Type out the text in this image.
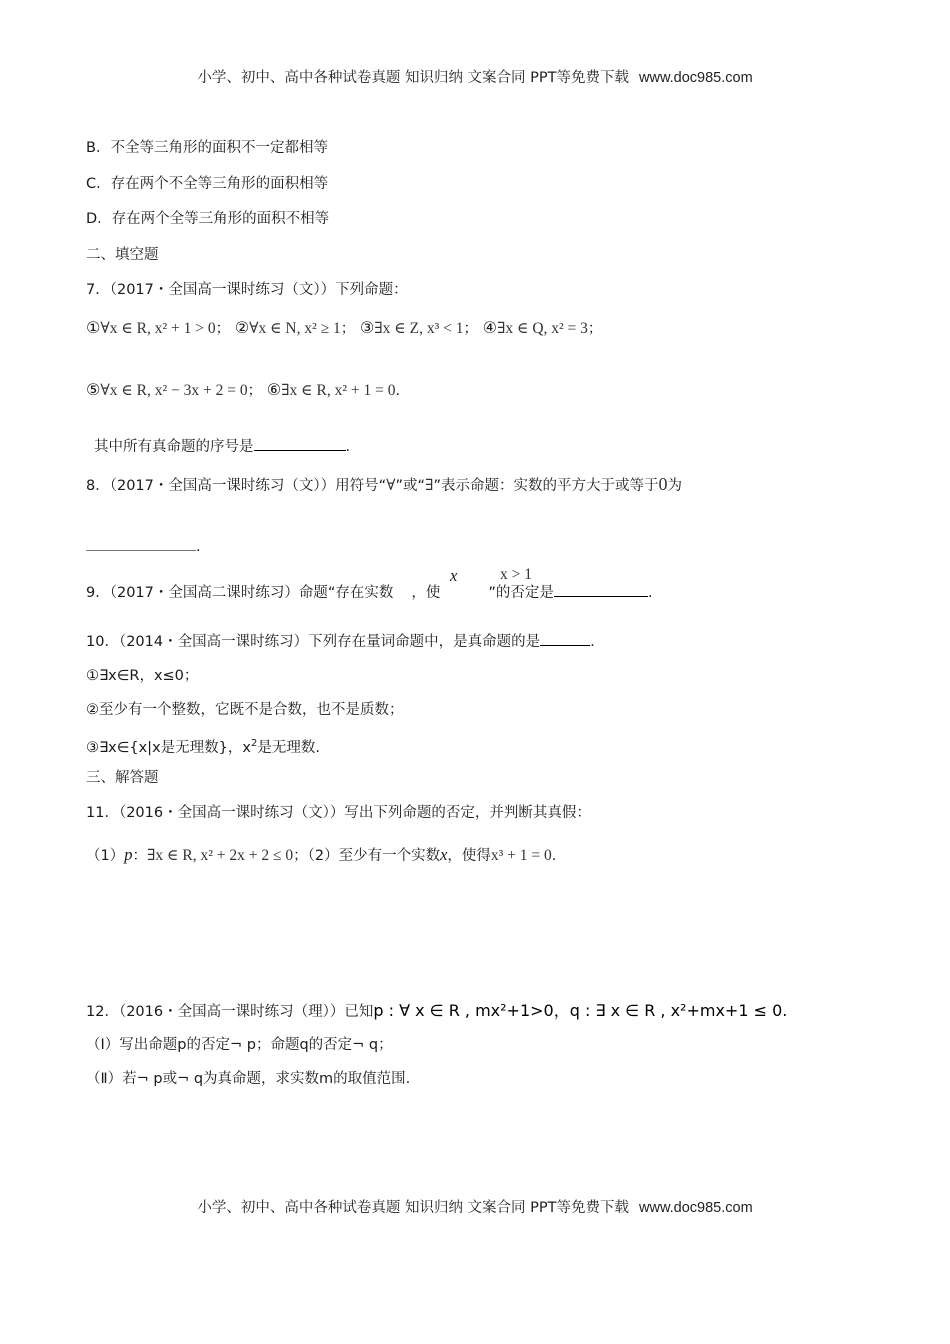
小学、初中、高中各种试卷真题 知识归纳 文案合同 PPT等免费下载 www.doc985.com
B．不全等三角形的面积不一定都相等
C．存在两个不全等三角形的面积相等
D．存在两个全等三角形的面积不相等
二、填空题
7．（2017・全国高一课时练习（文））下列命题：
①∀x ∈ R, x² + 1 > 0； ②∀x ∈ N, x² ≥ 1； ③∃x ∈ Z, x³ < 1； ④∃x ∈ Q, x² = 3；
⑤∀x ∈ R, x² − 3x + 2 = 0； ⑥∃x ∈ R, x² + 1 = 0.
其中所有真命题的序号是	.
8．（2017・全国高一课时练习（文））用符号“∀”或“∃”表示命题：实数的平方大于或等于0为
.
9．（2017・全国高二课时练习）命题“存在实数 ，使	”的否定是	.
x	x > 1
10．（2014・全国高一课时练习）下列存在量词命题中，是真命题的是	.
①∃x∈R，x≤0；
②至少有一个整数，它既不是合数，也不是质数；
③∃x∈{x|x是无理数}，$x^2$是无理数.
三、解答题
11．（2016・全国高一课时练习（文））写出下列命题的否定，并判断其真假：
（1）p：∃x ∈ R, x² + 2x + 2 ≤ 0；（2）至少有一个实数x，使得x³ + 1 = 0.
12．（2016・全国高一课时练习（理））已知p : ∀ x ∈ R , mx²+1>0，q : ∃ x ∈ R , x²+mx+1 ≤ 0.
（Ⅰ）写出命题p的否定¬ p；命题q的否定¬ q；
（Ⅱ）若¬ p或¬ q为真命题，求实数m的取值范围.
小学、初中、高中各种试卷真题 知识归纳 文案合同 PPT等免费下载 www.doc985.com
